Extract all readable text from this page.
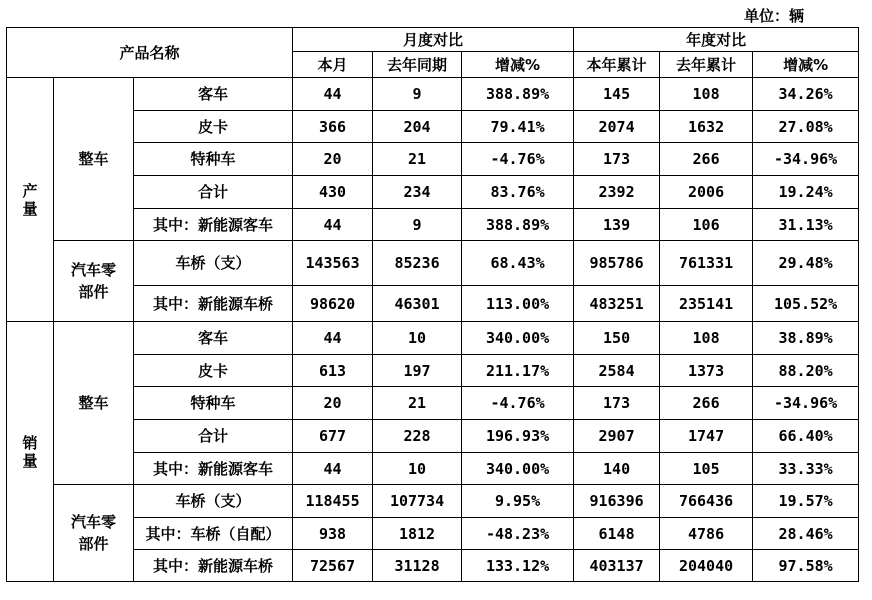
单位：辆
产品名称			月度对比			年度对比		
			本月	去年同期	增减%	本年累计	去年累计	增减%
产量	整车	客车	44	9	388.89%	145	108	34.26%
		皮卡	366	204	79.41%	2074	1632	27.08%
		特种车	20	21	-4.76%	173	266	-34.96%
		合计	430	234	83.76%	2392	2006	19.24%
		其中：新能源客车	44	9	388.89%	139	106	31.13%
	汽车零部件	车桥（支）	143563	85236	68.43%	985786	761331	29.48%
		其中：新能源车桥	98620	46301	113.00%	483251	235141	105.52%
销量	整车	客车	44	10	340.00%	150	108	38.89%
		皮卡	613	197	211.17%	2584	1373	88.20%
		特种车	20	21	-4.76%	173	266	-34.96%
		合计	677	228	196.93%	2907	1747	66.40%
		其中：新能源客车	44	10	340.00%	140	105	33.33%
	汽车零部件	车桥（支）	118455	107734	9.95%	916396	766436	19.57%
		其中：车桥（自配）	938	1812	-48.23%	6148	4786	28.46%
		其中：新能源车桥	72567	31128	133.12%	403137	204040	97.58%
